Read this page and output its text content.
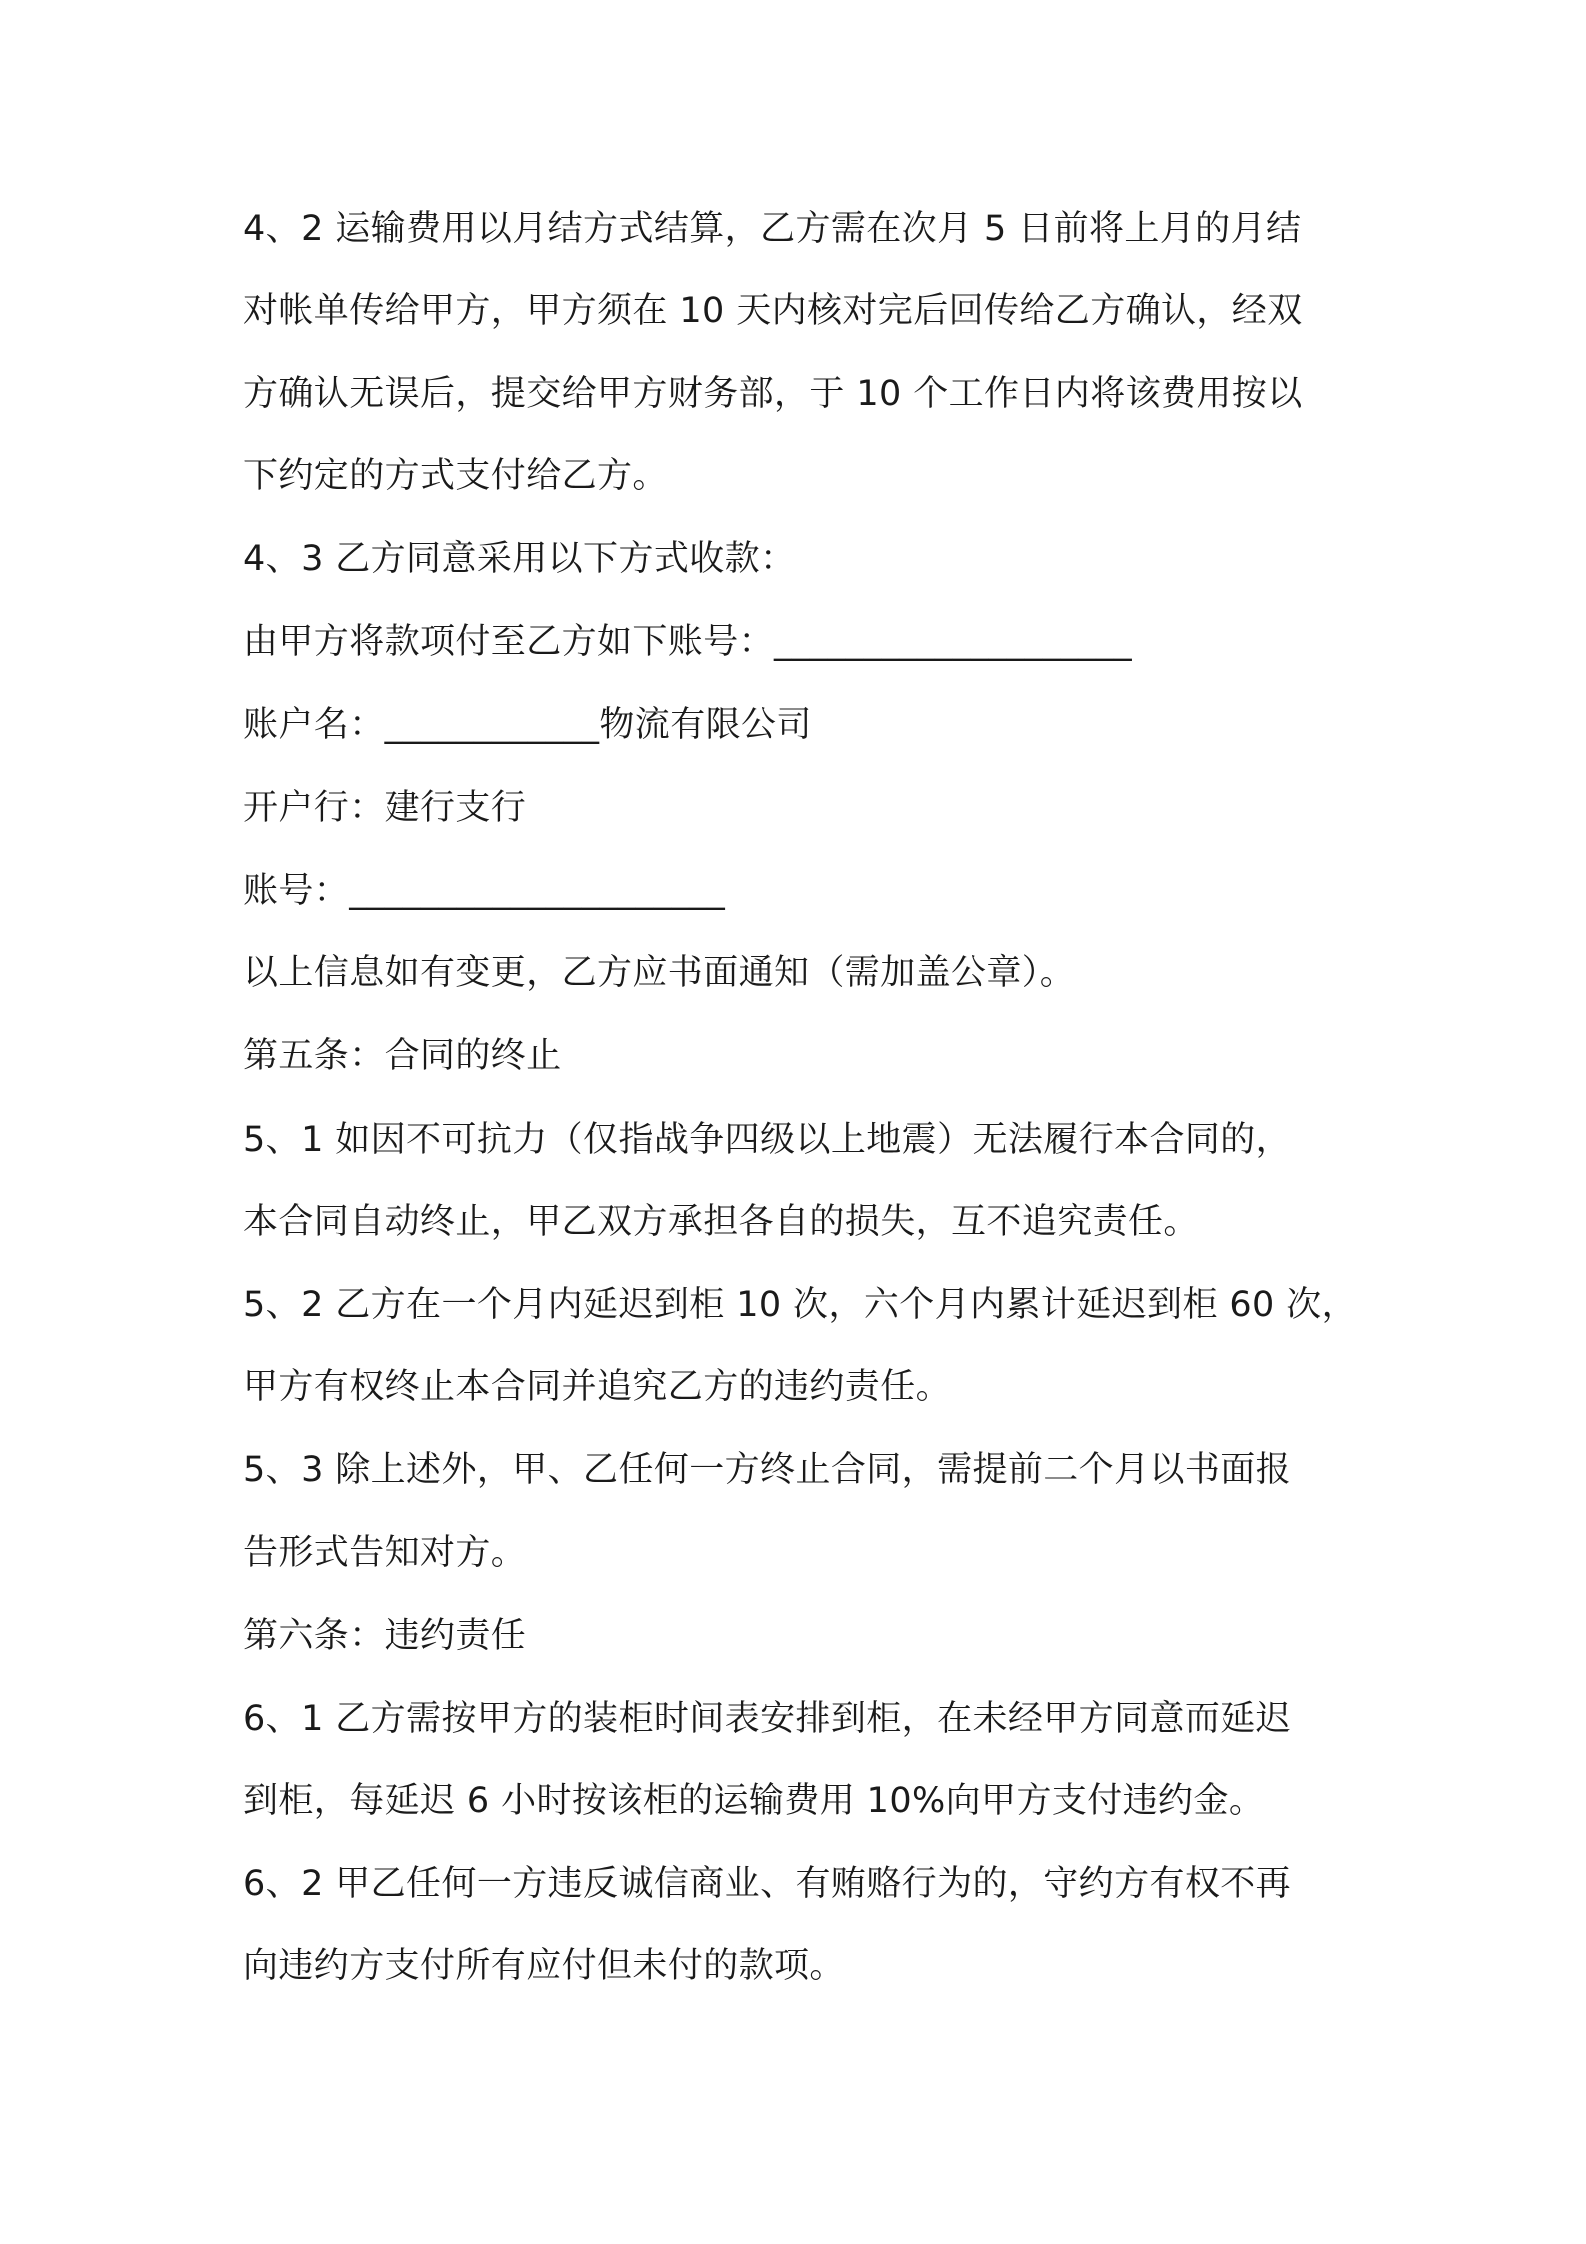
4、2 运输费用以月结方式结算，乙方需在次月 5 日前将上月的月结

对帐单传给甲方，甲方须在 10 天内核对完后回传给乙方确认，经双

方确认无误后，提交给甲方财务部，于 10 个工作日内将该费用按以

下约定的方式支付给乙方。

4、3 乙方同意采用以下方式收款：

由甲方将款项付至乙方如下账号：____________________

账户名：____________物流有限公司

开户行：建行支行

账号：_____________________

以上信息如有变更，乙方应书面通知（需加盖公章）。

第五条：合同的终止

5、1 如因不可抗力（仅指战争四级以上地震）无法履行本合同的，

本合同自动终止，甲乙双方承担各自的损失，互不追究责任。

5、2 乙方在一个月内延迟到柜 10 次，六个月内累计延迟到柜 60 次，

甲方有权终止本合同并追究乙方的违约责任。

5、3 除上述外，甲、乙任何一方终止合同，需提前二个月以书面报

告形式告知对方。

第六条：违约责任

6、1 乙方需按甲方的装柜时间表安排到柜，在未经甲方同意而延迟

到柜，每延迟 6 小时按该柜的运输费用 10%向甲方支付违约金。

6、2 甲乙任何一方违反诚信商业、有贿赂行为的，守约方有权不再

向违约方支付所有应付但未付的款项。
